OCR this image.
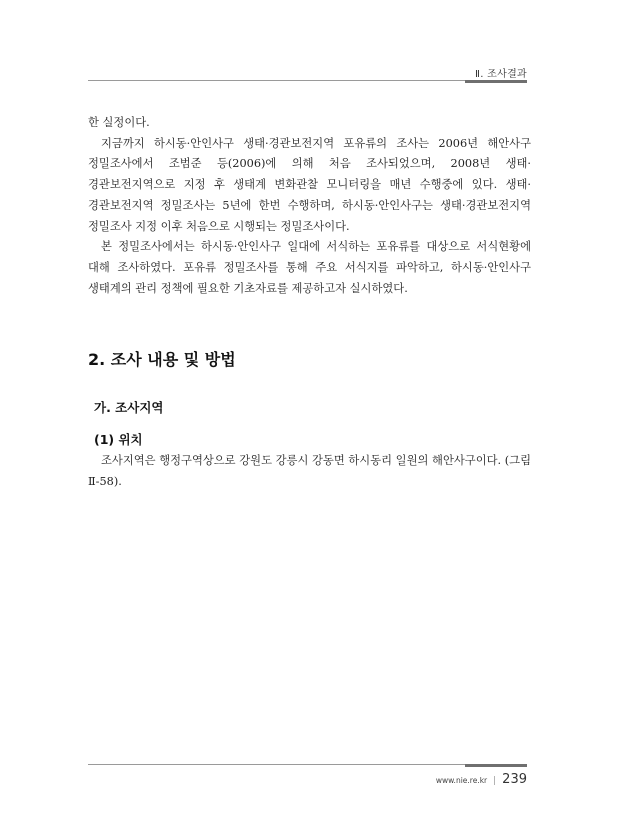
Ⅱ. 조사결과

한 실정이다.

지금까지 하시동·안인사구 생태·경관보전지역 포유류의 조사는 2006년 해안사구 정밀조사에서 조범준 등(2006)에 의해 처음 조사되었으며, 2008년 생태·경관보전지역으로 지정 후 생태계 변화관찰 모니터링을 매년 수행중에 있다. 생태·경관보전지역 정밀조사는 5년에 한번 수행하며, 하시동·안인사구는 생태·경관보전지역 정밀조사 지정 이후 처음으로 시행되는 정밀조사이다.

본 정밀조사에서는 하시동·안인사구 일대에 서식하는 포유류를 대상으로 서식현황에 대해 조사하였다. 포유류 정밀조사를 통해 주요 서식지를 파악하고, 하시동·안인사구 생태계의 관리 정책에 필요한 기초자료를 제공하고자 실시하였다.

2. 조사 내용 및 방법
가. 조사지역
(1) 위치

조사지역은 행정구역상으로 강원도 강릉시 강동면 하시동리 일원의 해안사구이다. (그림 Ⅱ-58).

www.nie.re.kr | 239
